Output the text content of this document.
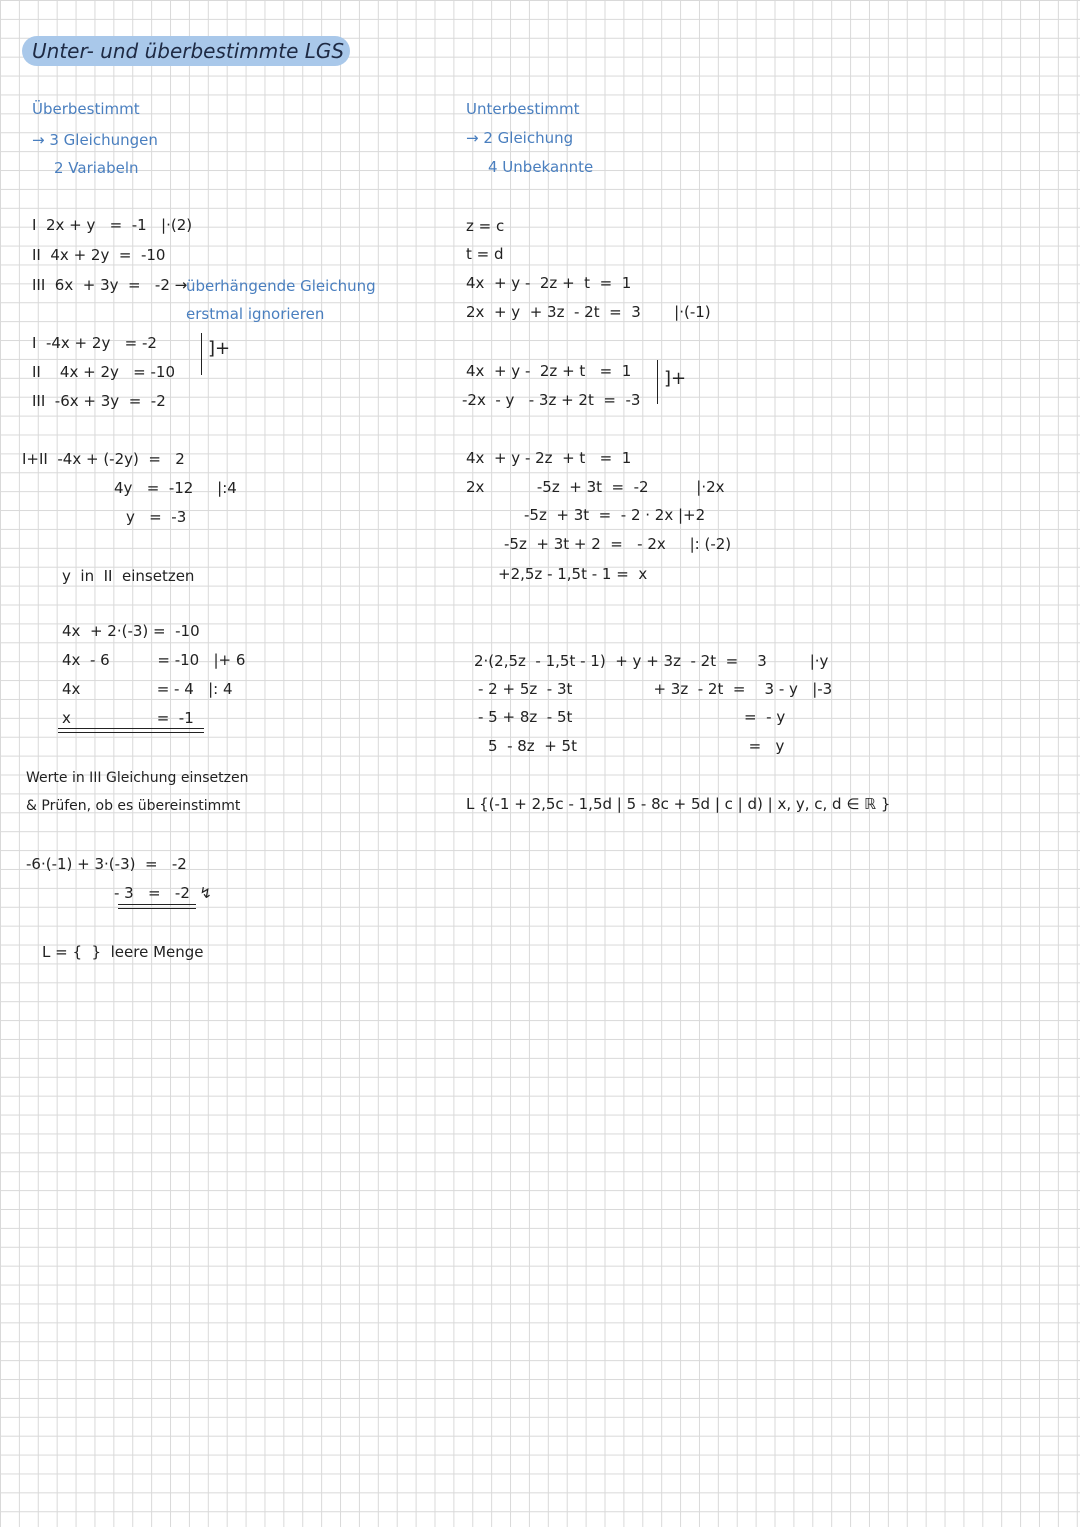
Unter- und überbestimmte LGS
Überbestimmt
→ 3 Gleichungen
2 Variabeln
I  2x + y   =  -1   |·(2)
II  4x + 2y  =  -10
III  6x  + 3y  =   -2 →
überhängende Gleichung
erstmal ignorieren
I  -4x + 2y   = -2
II    4x + 2y   = -10
III  -6x + 3y  =  -2
]+
I+II  -4x + (-2y)  =   2
4y   =  -12     |:4
y   =  -3
y  in  II  einsetzen
4x  + 2·(-3) =  -10
4x  - 6          = -10   |+ 6
4x                = - 4   |: 4
x                  =  -1
Werte in III Gleichung einsetzen
& Prüfen, ob es übereinstimmt
-6·(-1) + 3·(-3)  =   -2
- 3   =   -2  ↯
L = {  }  leere Menge
Unterbestimmt
→ 2 Gleichung
4 Unbekannte
z = c
t = d
4x  + y -  2z +  t  =  1
2x  + y  + 3z  - 2t  =  3       |·(-1)
4x  + y -  2z + t   =  1
-2x  - y   - 3z + 2t  =  -3
]+
4x  + y - 2z  + t   =  1
2x           -5z  + 3t  =  -2          |·2x
-5z  + 3t  =  - 2 · 2x |+2
-5z  + 3t + 2  =   - 2x     |: (-2)
+2,5z - 1,5t - 1 =  x
2·(2,5z  - 1,5t - 1)  + y + 3z  - 2t  =    3         |·y
- 2 + 5z  - 3t                 + 3z  - 2t  =    3 - y   |-3
- 5 + 8z  - 5t                                    =  - y
5  - 8z  + 5t                                    =   y
L {(-1 + 2,5c - 1,5d | 5 - 8c + 5d | c | d) | x, y, c, d ∈ ℝ }
